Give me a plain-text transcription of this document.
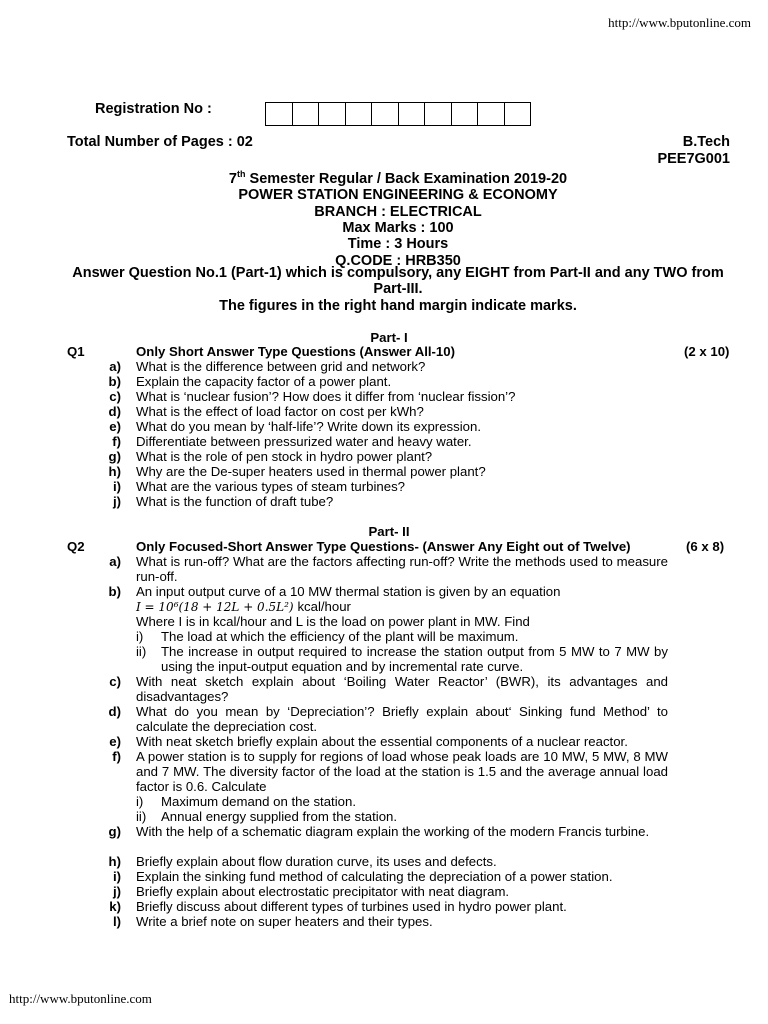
http://www.bputonline.com
Registration No :
Total Number of Pages : 02	B.Tech
PEE7G001
7th Semester Regular / Back Examination 2019-20
POWER STATION ENGINEERING & ECONOMY
BRANCH : ELECTRICAL
Max Marks : 100
Time : 3 Hours
Q.CODE : HRB350
Answer Question No.1 (Part-1) which is compulsory, any EIGHT from Part-II and any TWO from Part-III.
The figures in the right hand margin indicate marks.
Part- I
Q1	Only Short Answer Type Questions (Answer All-10)	(2 x 10)
a) What is the difference between grid and network?
b) Explain the capacity factor of a power plant.
c) What is ‘nuclear fusion’? How does it differ from ‘nuclear fission’?
d) What is the effect of load factor on cost per kWh?
e) What do you mean by ‘half-life’? Write down its expression.
f) Differentiate between pressurized water and heavy water.
g) What is the role of pen stock in hydro power plant?
h) Why are the De-super heaters used in thermal power plant?
i) What are the various types of steam turbines?
j) What is the function of draft tube?
Part- II
Q2	Only Focused-Short Answer Type Questions- (Answer Any Eight out of Twelve)	(6 x 8)
a) What is run-off? What are the factors affecting run-off? Write the methods used to measure run-off.
b) An input output curve of a 10 MW thermal station is given by an equation
I = 10⁶(18 + 12L + 0.5L²) kcal/hour
Where I is in kcal/hour and L is the load on power plant in MW. Find
i) The load at which the efficiency of the plant will be maximum.
ii) The increase in output required to increase the station output from 5 MW to 7 MW by using the input-output equation and by incremental rate curve.
c) With neat sketch explain about ‘Boiling Water Reactor’ (BWR), its advantages and disadvantages?
d) What do you mean by ‘Depreciation’? Briefly explain about‘ Sinking fund Method’ to calculate the depreciation cost.
e) With neat sketch briefly explain about the essential components of a nuclear reactor.
f) A power station is to supply for regions of load whose peak loads are 10 MW, 5 MW, 8 MW and 7 MW. The diversity factor of the load at the station is 1.5 and the average annual load factor is 0.6. Calculate
i) Maximum demand on the station.
ii) Annual energy supplied from the station.
g) With the help of a schematic diagram explain the working of the modern Francis turbine.
h) Briefly explain about flow duration curve, its uses and defects.
i) Explain the sinking fund method of calculating the depreciation of a power station.
j) Briefly explain about electrostatic precipitator with neat diagram.
k) Briefly discuss about different types of turbines used in hydro power plant.
l) Write a brief note on super heaters and their types.
http://www.bputonline.com
